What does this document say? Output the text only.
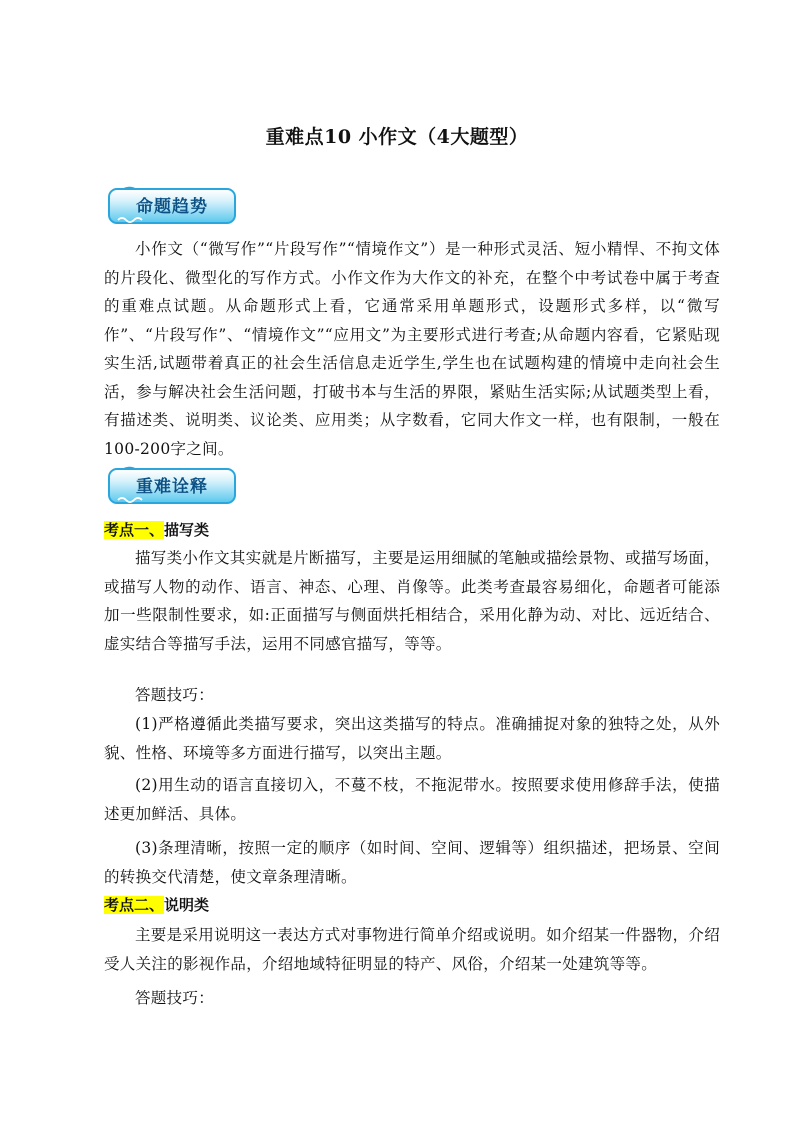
重难点10 小作文（4大题型）
命题趋势

小作文（“微写作”“片段写作”“情境作文”）是一种形式灵活、短小精悍、不拘文体的片段化、微型化的写作方式。小作文作为大作文的补充，在整个中考试卷中属于考查的重难点试题。从命题形式上看，它通常采用单题形式，设题形式多样，以“微写作”、“片段写作”、“情境作文”“应用文”为主要形式进行考查;从命题内容看，它紧贴现实生活,试题带着真正的社会生活信息走近学生,学生也在试题构建的情境中走向社会生活，参与解决社会生活问题，打破书本与生活的界限，紧贴生活实际;从试题类型上看，有描述类、说明类、议论类、应用类；从字数看，它同大作文一样，也有限制，一般在100-200字之间。

重难诠释

考点一、描写类

描写类小作文其实就是片断描写，主要是运用细腻的笔触或描绘景物、或描写场面，或描写人物的动作、语言、神态、心理、肖像等。此类考查最容易细化，命题者可能添加一些限制性要求，如:正面描写与侧面烘托相结合，采用化静为动、对比、远近结合、虚实结合等描写手法，运用不同感官描写，等等。

答题技巧：

(1)严格遵循此类描写要求，突出这类描写的特点。准确捕捉对象的独特之处，从外貌、性格、环境等多方面进行描写，以突出主题。

(2)用生动的语言直接切入，不蔓不枝，不拖泥带水。按照要求使用修辞手法，使描述更加鲜活、具体。

(3)条理清晰，按照一定的顺序（如时间、空间、逻辑等）组织描述，把场景、空间的转换交代清楚，使文章条理清晰。

考点二、说明类

主要是采用说明这一表达方式对事物进行简单介绍或说明。如介绍某一件器物，介绍受人关注的影视作品，介绍地域特征明显的特产、风俗，介绍某一处建筑等等。

答题技巧：
